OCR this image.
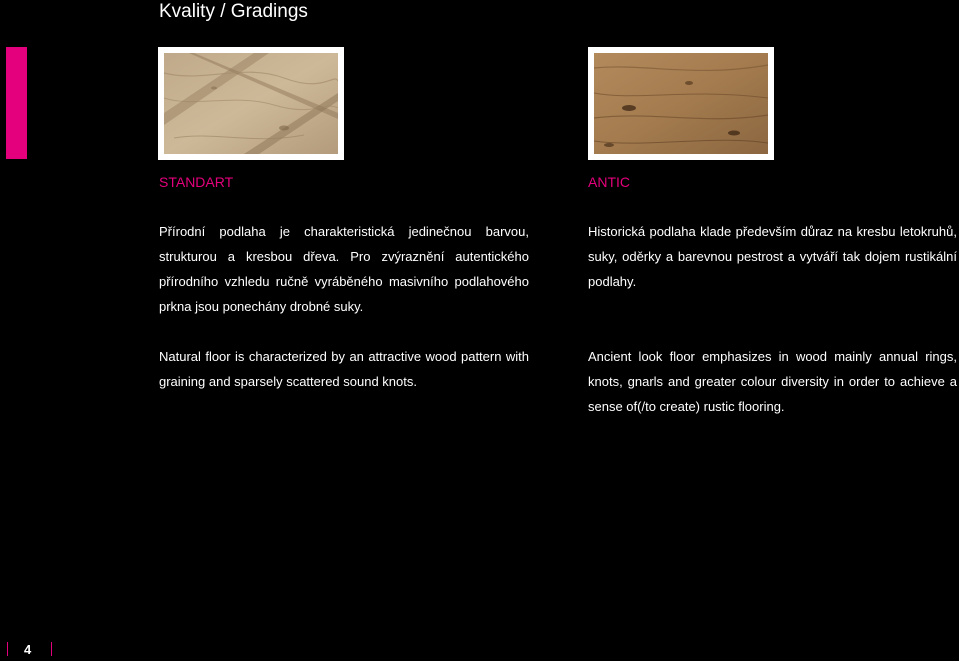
Kvality / Gradings
STANDART	ANTIC

Přírodní podlaha je charakteristická jedinečnou barvou, strukturou a kresbou dřeva. Pro zvýraznění autentického přírodního vzhledu ručně vyráběného masivního podlahového prkna jsou ponechány drobné suky.

Historická podlaha klade především důraz na kresbu letokruhů, suky, oděrky a barevnou pestrost a vytváří tak dojem rustikální podlahy.

Natural floor is characterized by an attractive wood pattern with graining and sparsely scattered sound knots.

Ancient look floor emphasizes in wood mainly annual rings, knots, gnarls and greater colour diversity in order to achieve a sense of(/to create) rustic flooring.

4
